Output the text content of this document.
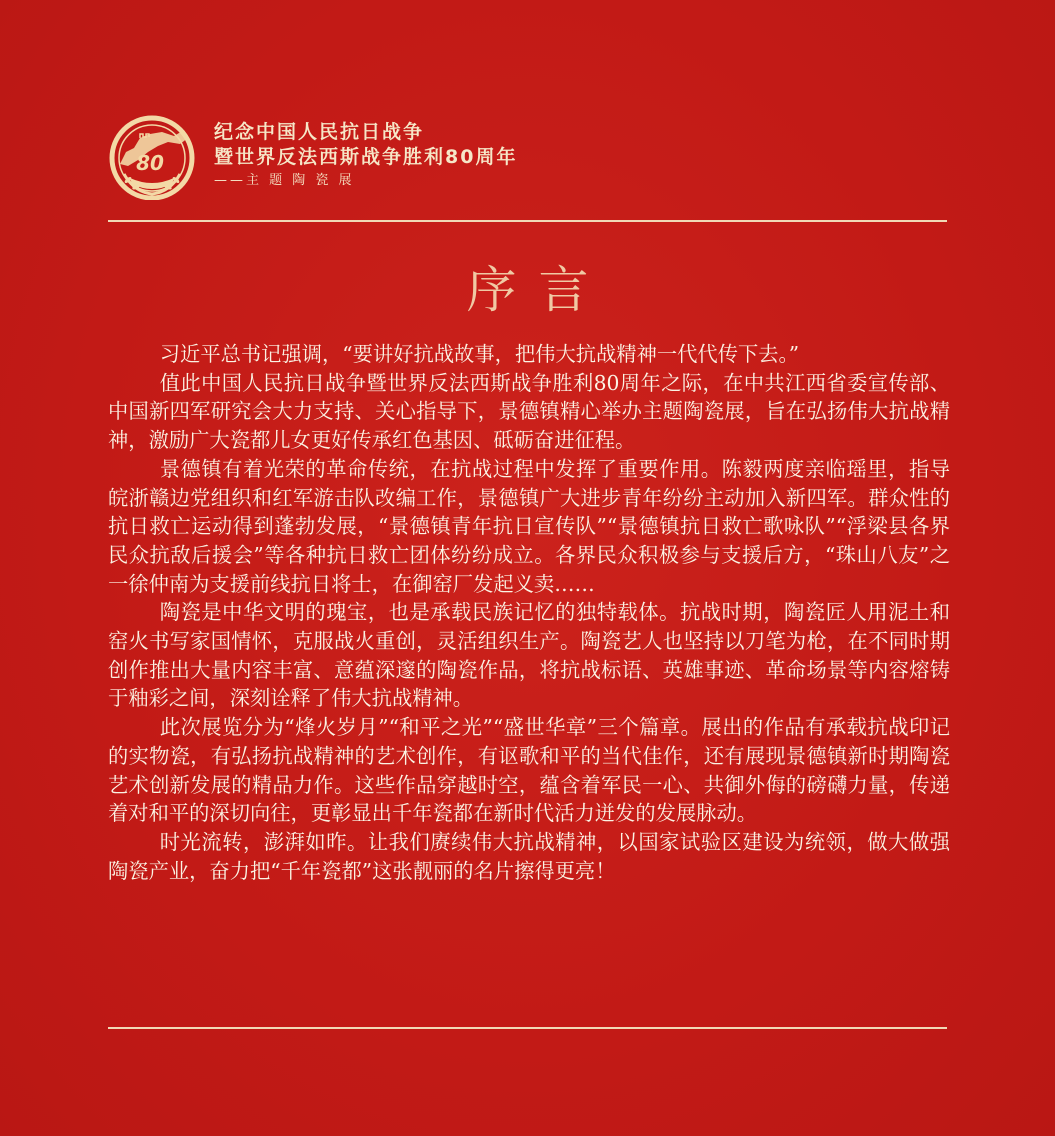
80
纪念中国人民抗日战争
暨世界反法西斯战争胜利80周年
——主 题 陶 瓷 展
序言

习近平总书记强调，“要讲好抗战故事，把伟大抗战精神一代代传下去。”

值此中国人民抗日战争暨世界反法西斯战争胜利80周年之际，在中共江西省委宣传部、中国新四军研究会大力支持、关心指导下，景德镇精心举办主题陶瓷展，旨在弘扬伟大抗战精神，激励广大瓷都儿女更好传承红色基因、砥砺奋进征程。

景德镇有着光荣的革命传统，在抗战过程中发挥了重要作用。陈毅两度亲临瑶里，指导皖浙赣边党组织和红军游击队改编工作，景德镇广大进步青年纷纷主动加入新四军。群众性的抗日救亡运动得到蓬勃发展，“景德镇青年抗日宣传队”“景德镇抗日救亡歌咏队”“浮梁县各界民众抗敌后援会”等各种抗日救亡团体纷纷成立。各界民众积极参与支援后方，“珠山八友”之一徐仲南为支援前线抗日将士，在御窑厂发起义卖……

陶瓷是中华文明的瑰宝，也是承载民族记忆的独特载体。抗战时期，陶瓷匠人用泥土和窑火书写家国情怀，克服战火重创，灵活组织生产。陶瓷艺人也坚持以刀笔为枪，在不同时期创作推出大量内容丰富、意蕴深邃的陶瓷作品，将抗战标语、英雄事迹、革命场景等内容熔铸于釉彩之间，深刻诠释了伟大抗战精神。

此次展览分为“烽火岁月”“和平之光”“盛世华章”三个篇章。展出的作品有承载抗战印记的实物瓷，有弘扬抗战精神的艺术创作，有讴歌和平的当代佳作，还有展现景德镇新时期陶瓷艺术创新发展的精品力作。这些作品穿越时空，蕴含着军民一心、共御外侮的磅礴力量，传递着对和平的深切向往，更彰显出千年瓷都在新时代活力迸发的发展脉动。

时光流转，澎湃如昨。让我们赓续伟大抗战精神，以国家试验区建设为统领，做大做强陶瓷产业，奋力把“千年瓷都”这张靓丽的名片擦得更亮！
